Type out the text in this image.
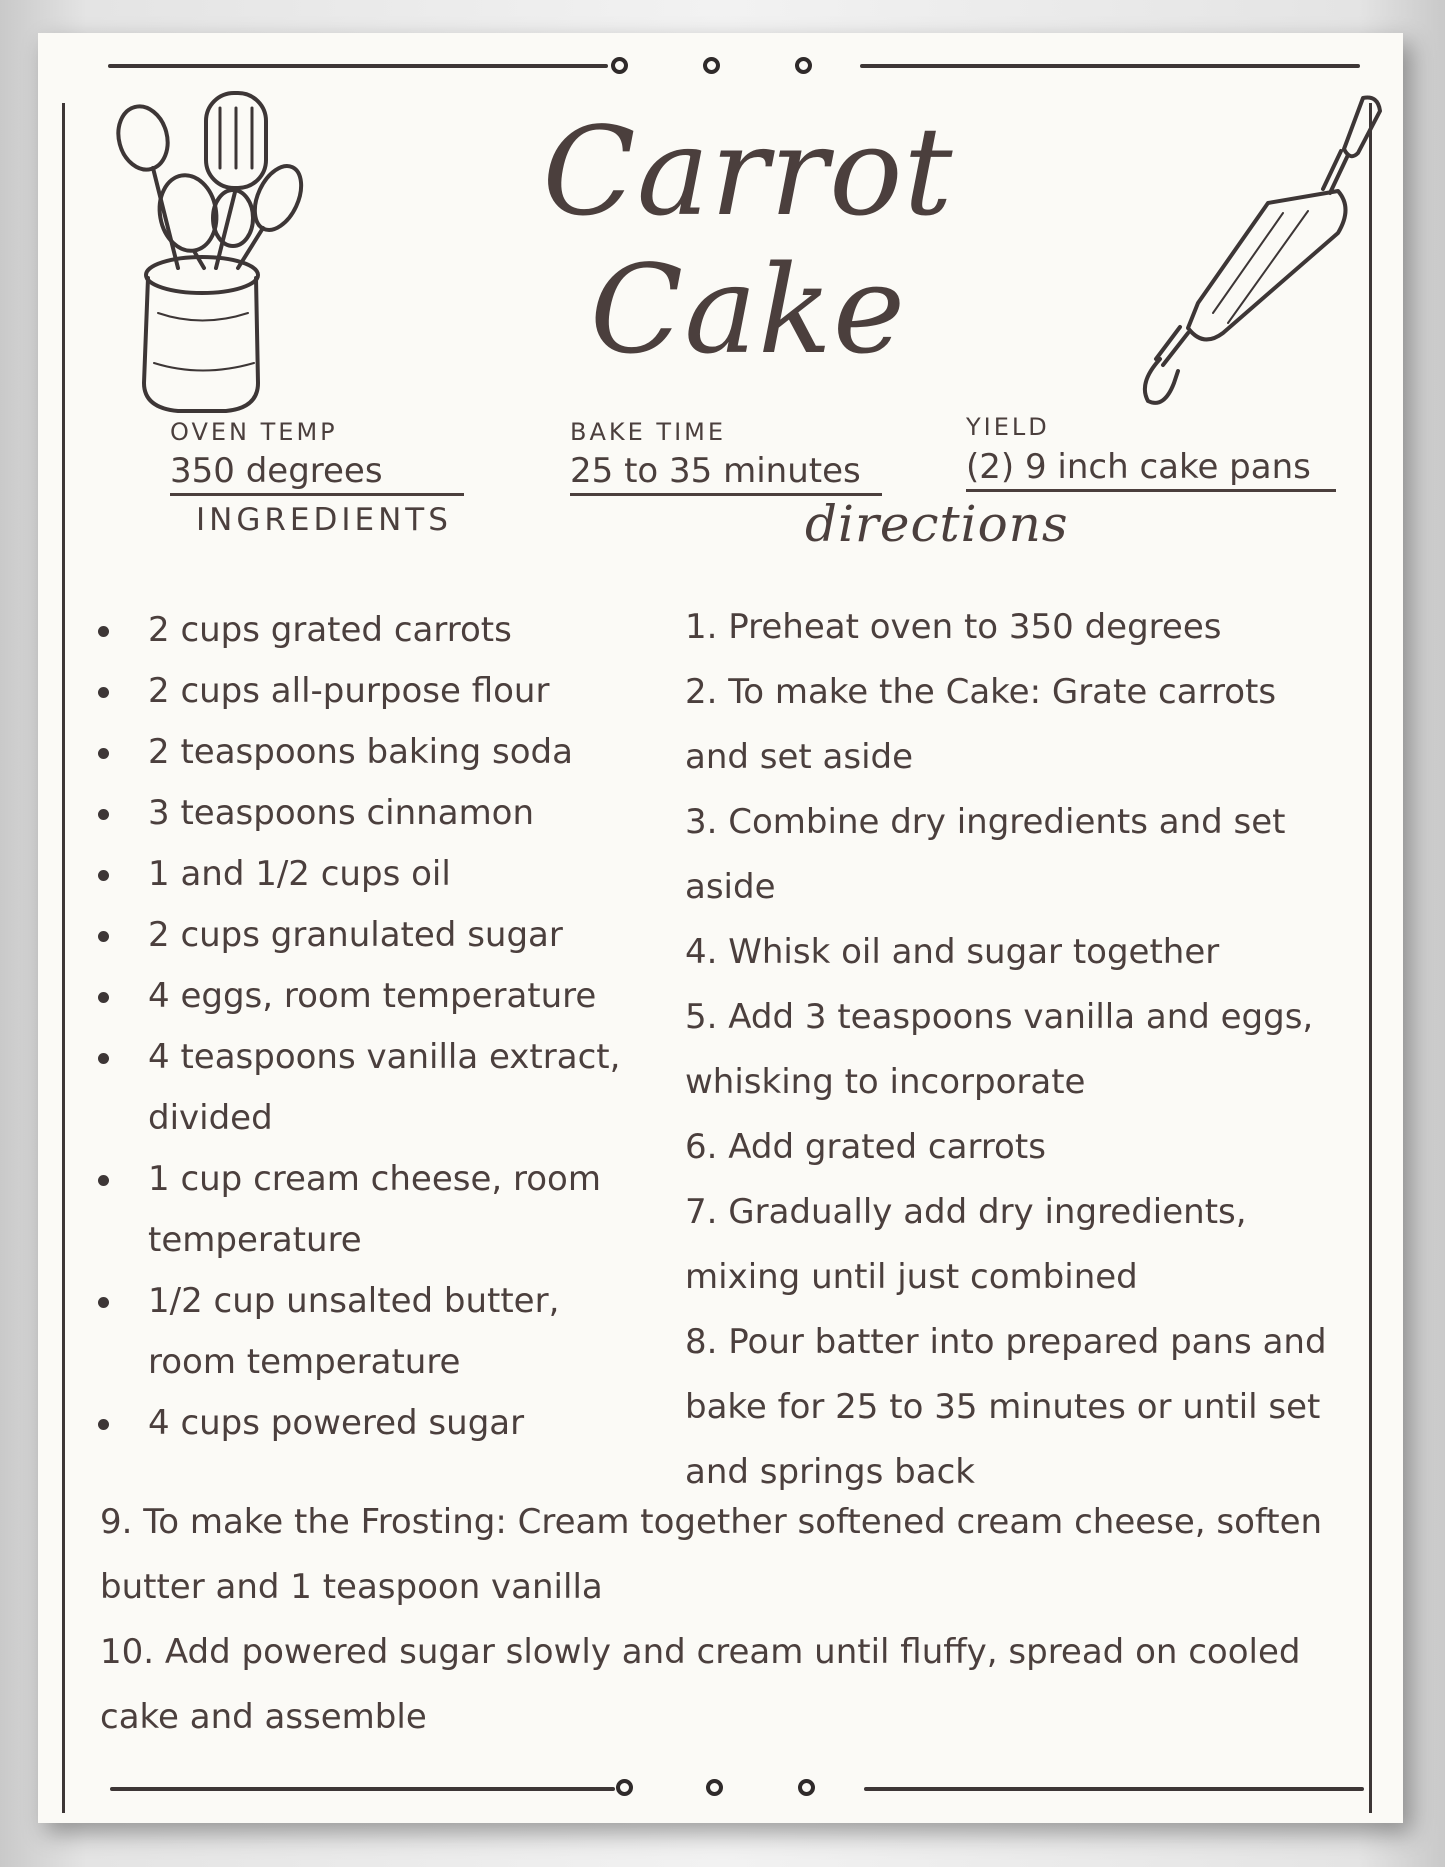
Carrot
Cake
OVEN TEMP
350 degrees
BAKE TIME
25 to 35 minutes
YIELD
(2) 9 inch cake pans
INGREDIENTS	directions
2 cups grated carrots
2 cups all-purpose flour
2 teaspoons baking soda
3 teaspoons cinnamon
1 and 1/2 cups oil
2 cups granulated sugar
4 eggs, room temperature
4 teaspoons vanilla extract, divided
1 cup cream cheese, room temperature
1/2 cup unsalted butter, room temperature
4 cups powered sugar
1. Preheat oven to 350 degrees
2. To make the Cake: Grate carrots and set aside
3. Combine dry ingredients and set aside
4. Whisk oil and sugar together
5. Add 3 teaspoons vanilla and eggs, whisking to incorporate
6. Add grated carrots
7. Gradually add dry ingredients, mixing until just combined
8. Pour batter into prepared pans and bake for 25 to 35 minutes or until set and springs back
9. To make the Frosting: Cream together softened cream cheese, soften butter and 1 teaspoon vanilla
10. Add powered sugar slowly and cream until fluffy, spread on cooled cake and assemble
